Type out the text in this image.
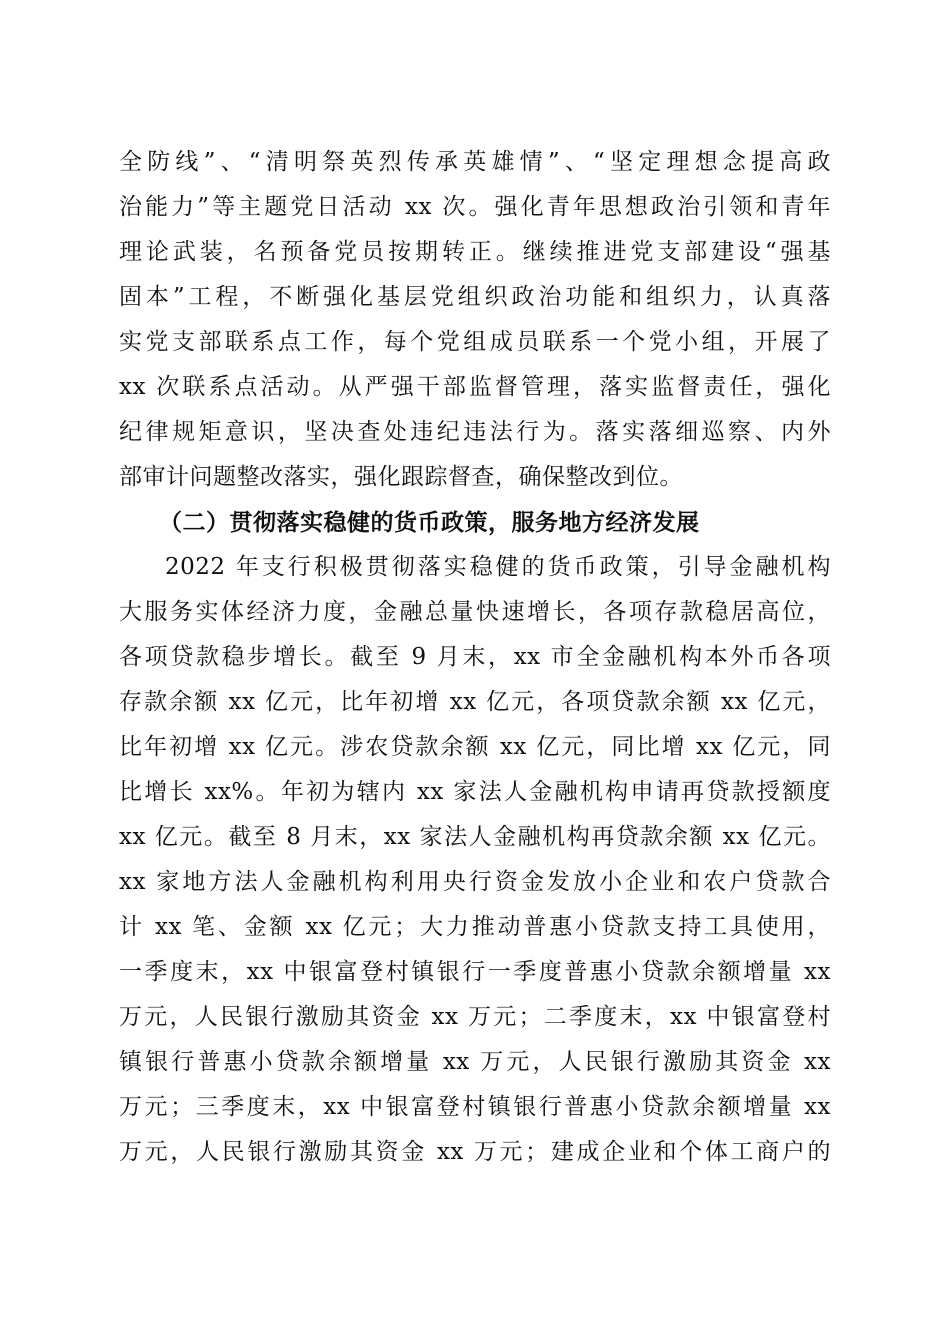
全防线”、“清明祭英烈传承英雄情”、“坚定理想念提高政
治能力”等主题党日活动 xx 次。强化青年思想政治引领和青年
理论武装，名预备党员按期转正。继续推进党支部建设“强基
固本”工程，不断强化基层党组织政治功能和组织力，认真落
实党支部联系点工作，每个党组成员联系一个党小组，开展了
xx 次联系点活动。从严强干部监督管理，落实监督责任，强化
纪律规矩意识，坚决查处违纪违法行为。落实落细巡察、内外
部审计问题整改落实，强化跟踪督查，确保整改到位。
（二）贯彻落实稳健的货币政策，服务地方经济发展
2022 年支行积极贯彻落实稳健的货币政策，引导金融机构
大服务实体经济力度，金融总量快速增长，各项存款稳居高位，
各项贷款稳步增长。截至 9 月末，xx 市全金融机构本外币各项
存款余额 xx 亿元，比年初增 xx 亿元，各项贷款余额 xx 亿元，
比年初增 xx 亿元。涉农贷款余额 xx 亿元，同比增 xx 亿元，同
比增长 xx%。年初为辖内 xx 家法人金融机构申请再贷款授额度
xx 亿元。截至 8 月末，xx 家法人金融机构再贷款余额 xx 亿元。
xx 家地方法人金融机构利用央行资金发放小企业和农户贷款合
计 xx 笔、金额 xx 亿元；大力推动普惠小贷款支持工具使用，
一季度末，xx 中银富登村镇银行一季度普惠小贷款余额增量 xx
万元，人民银行激励其资金 xx 万元；二季度末，xx 中银富登村
镇银行普惠小贷款余额增量 xx 万元，人民银行激励其资金 xx
万元；三季度末，xx 中银富登村镇银行普惠小贷款余额增量 xx
万元，人民银行激励其资金 xx 万元；建成企业和个体工商户的
